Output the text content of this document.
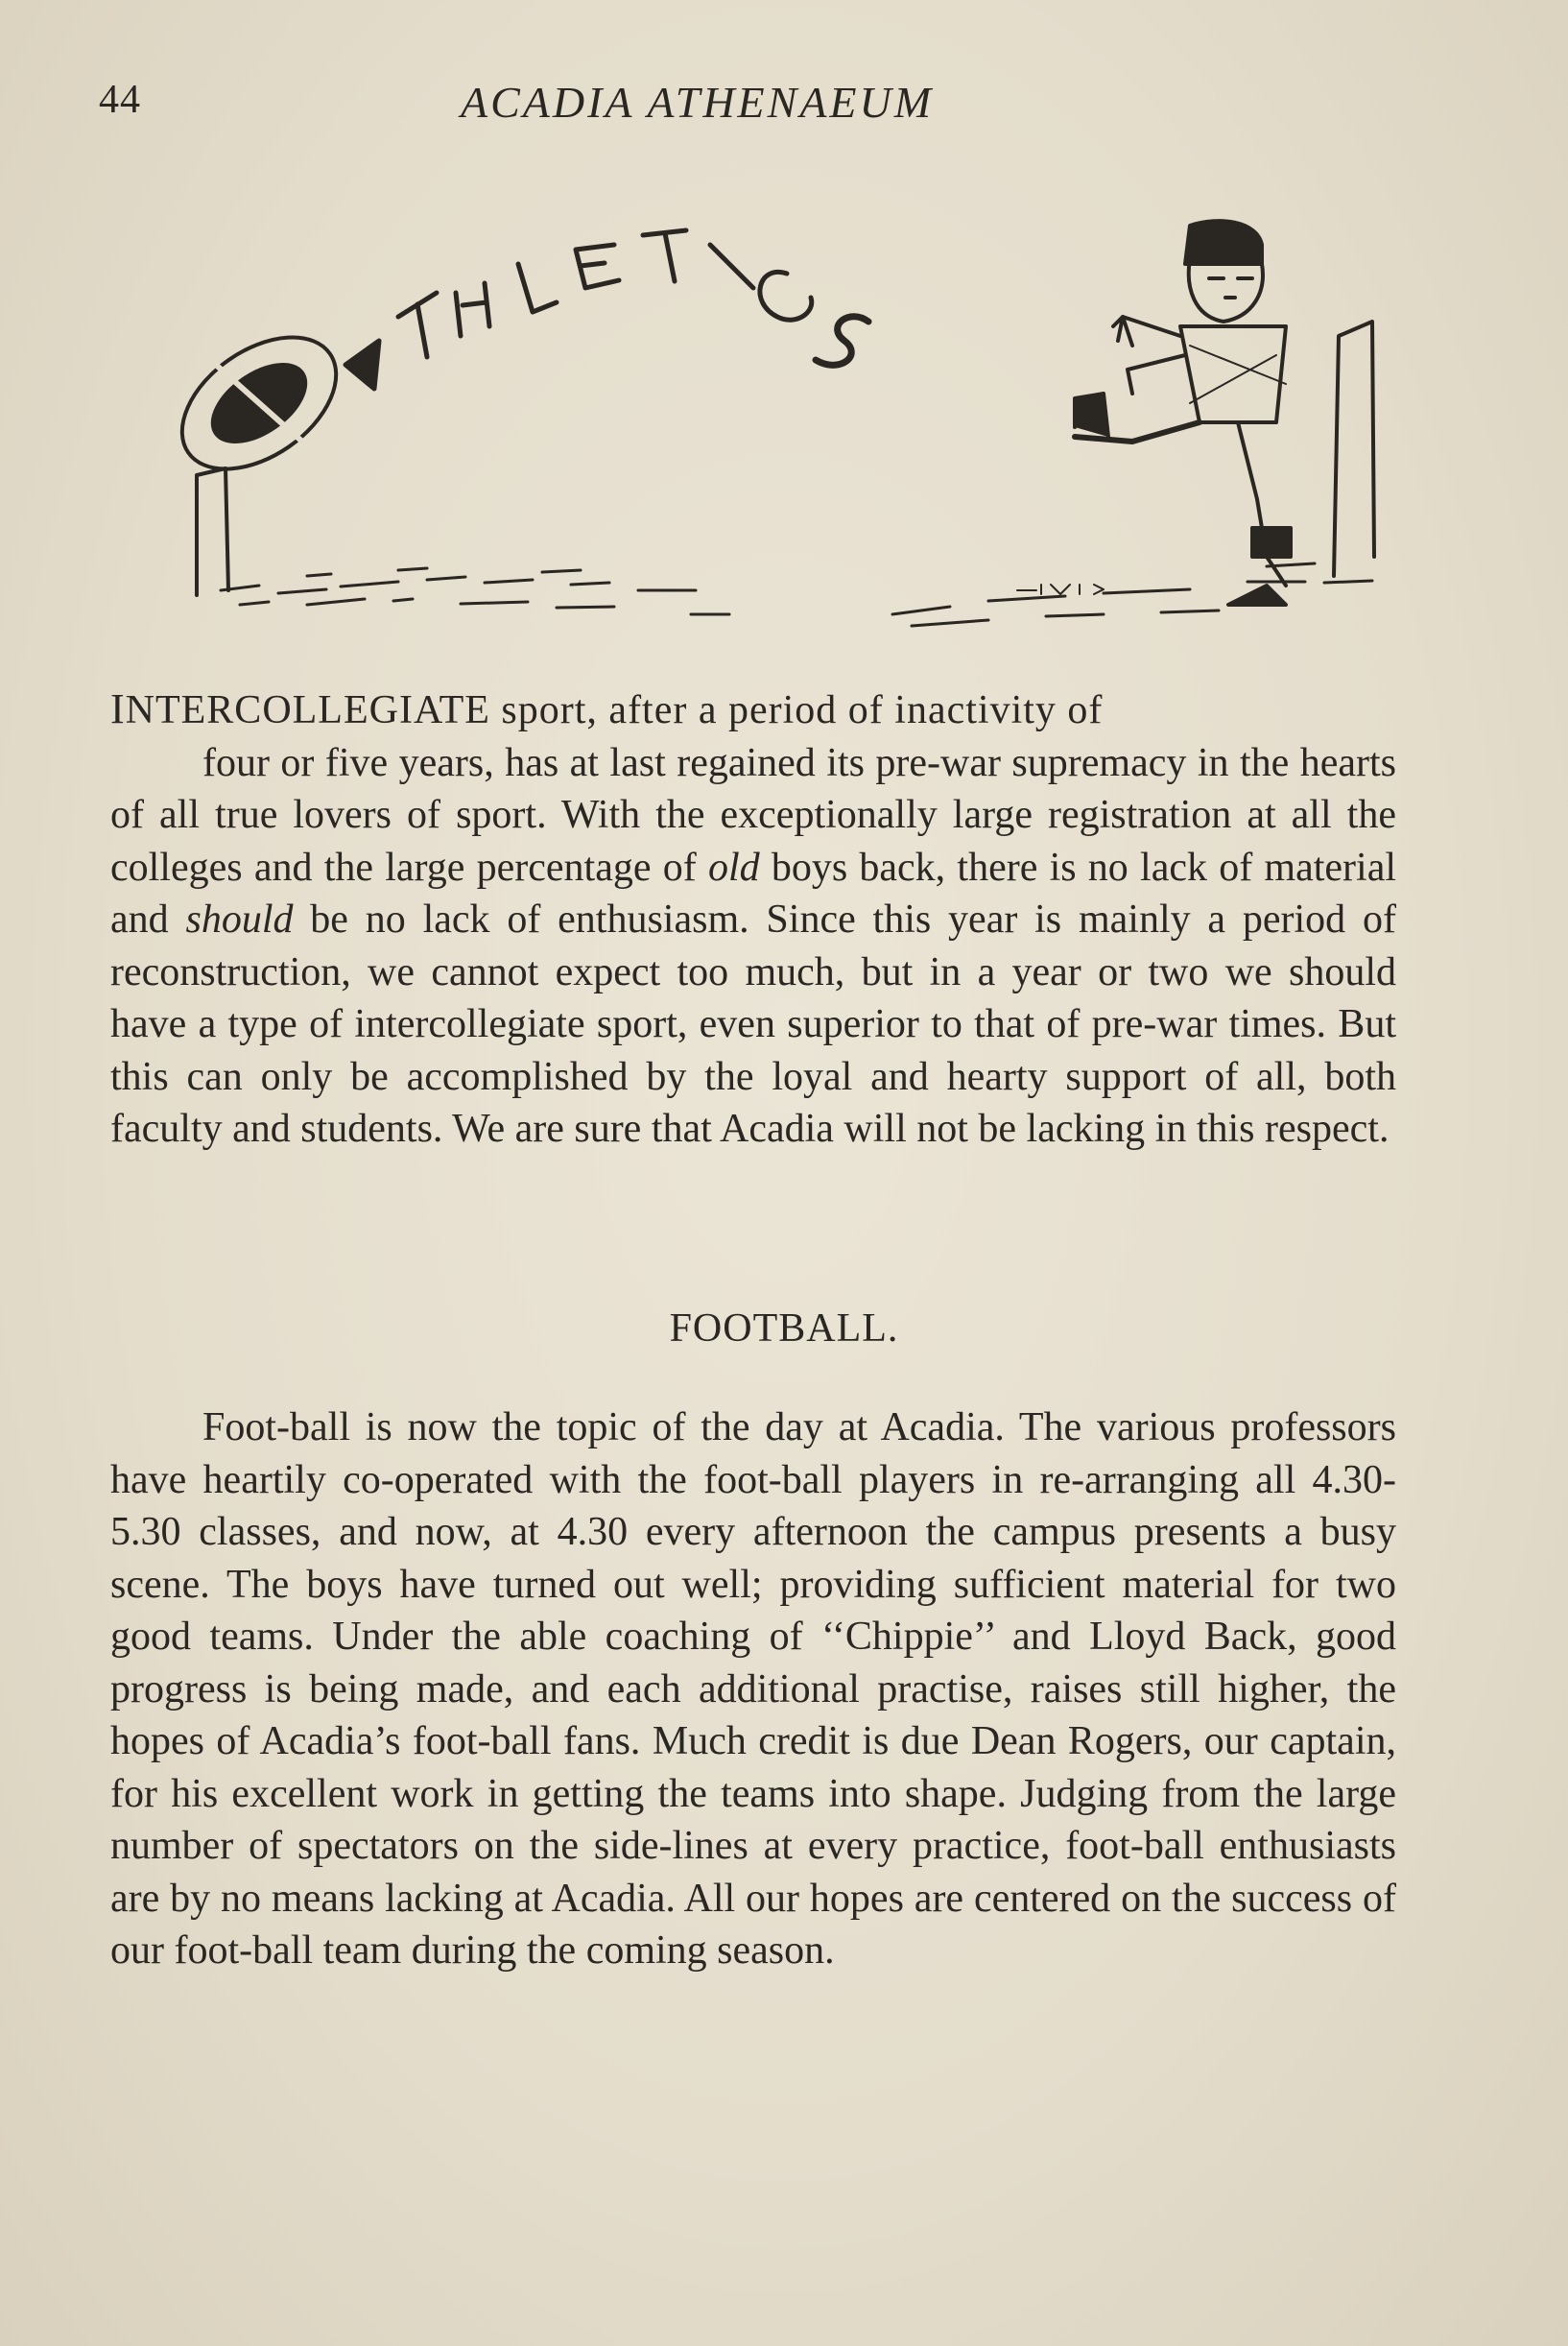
44	ACADIA ATHENAEUM

INTERCOLLEGIATE sport, after a period of inactivity of

four or five years, has at last regained its pre-war supremacy in the hearts of all true lovers of sport. With the exceptionally large registration at all the colleges and the large percentage of old boys back, there is no lack of material and should be no lack of enthusiasm. Since this year is mainly a period of reconstruction, we cannot expect too much, but in a year or two we should have a type of intercollegiate sport, even superior to that of pre-war times. But this can only be accomplished by the loyal and hearty support of all, both faculty and students. We are sure that Acadia will not be lacking in this respect.

FOOTBALL.
Foot-ball is now the topic of the day at Acadia. The various professors have heartily co-operated with the foot-ball players in re-arranging all 4.30-5.30 classes, and now, at 4.30 every afternoon the campus presents a busy scene. The boys have turned out well; providing sufficient material for two good teams. Under the able coaching of ‘‘Chippie’’ and Lloyd Back, good progress is being made, and each additional practise, raises still higher, the hopes of Acadia’s foot-ball fans. Much credit is due Dean Rogers, our captain, for his excellent work in getting the teams into shape. Judging from the large number of spectators on the side-lines at every practice, foot-ball enthusiasts are by no means lacking at Acadia. All our hopes are centered on the success of our foot-ball team during the coming season.
